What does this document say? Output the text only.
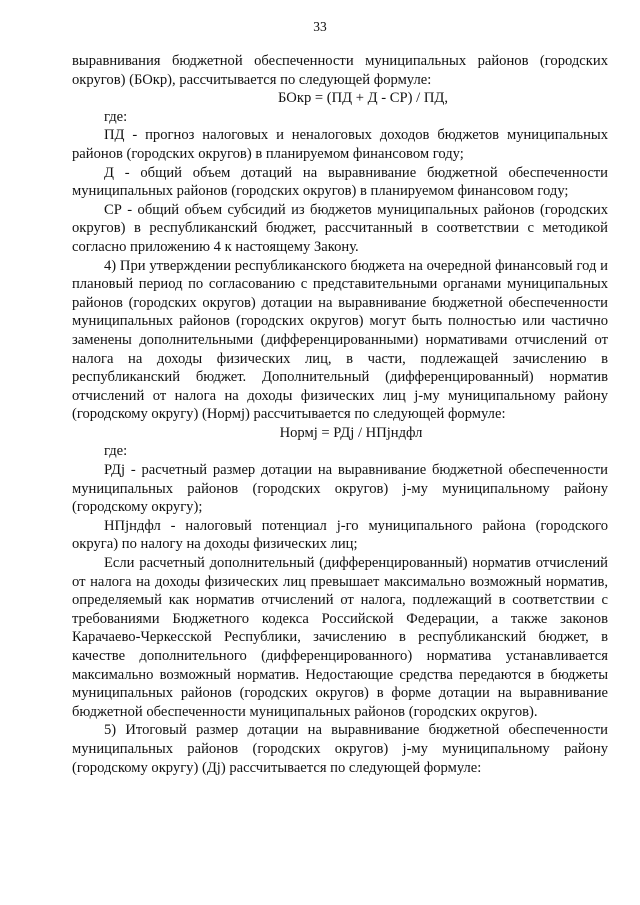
33

выравнивания бюджетной обеспеченности муниципальных районов (городских округов) (БОкр), рассчитывается по следующей формуле:

БОкр = (ПД + Д - СР) / ПД,

где:

ПД - прогноз налоговых и неналоговых доходов бюджетов муниципальных районов (городских округов) в планируемом финансовом году;

Д - общий объем дотаций на выравнивание бюджетной обеспеченности муниципальных районов (городских округов) в планируемом финансовом году;

СР - общий объем субсидий из бюджетов муниципальных районов (городских округов) в республиканский бюджет, рассчитанный в соответствии с методикой согласно приложению 4 к настоящему Закону.

4) При утверждении республиканского бюджета на очередной финансовый год и плановый период по согласованию с представительными органами муниципальных районов (городских округов) дотации на выравнивание бюджетной обеспеченности муниципальных районов (городских округов) могут быть полностью или частично заменены дополнительными (дифференцированными) нормативами отчислений от налога на доходы физических лиц, в части, подлежащей зачислению в республиканский бюджет. Дополнительный (дифференцированный) норматив отчислений от налога на доходы физических лиц j-му муниципальному району (городскому округу) (Нормj) рассчитывается по следующей формуле:

Нормj = РДj / НПjндфл

где:

РДj - расчетный размер дотации на выравнивание бюджетной обеспеченности муниципальных районов (городских округов) j-му муниципальному району (городскому округу);

НПjндфл - налоговый потенциал j-го муниципального района (городского округа) по налогу на доходы физических лиц;

Если расчетный дополнительный (дифференцированный) норматив отчислений от налога на доходы физических лиц превышает максимально возможный норматив, определяемый как норматив отчислений от налога, подлежащий в соответствии с требованиями Бюджетного кодекса Российской Федерации, а также законов Карачаево-Черкесской Республики, зачислению в республиканский бюджет, в качестве дополнительного (дифференцированного) норматива устанавливается максимально возможный норматив. Недостающие средства передаются в бюджеты муниципальных районов (городских округов) в форме дотации на выравнивание бюджетной обеспеченности муниципальных районов (городских округов).

5) Итоговый размер дотации на выравнивание бюджетной обеспеченности муниципальных районов (городских округов) j-му муниципальному району (городскому округу) (Дj) рассчитывается по следующей формуле:
